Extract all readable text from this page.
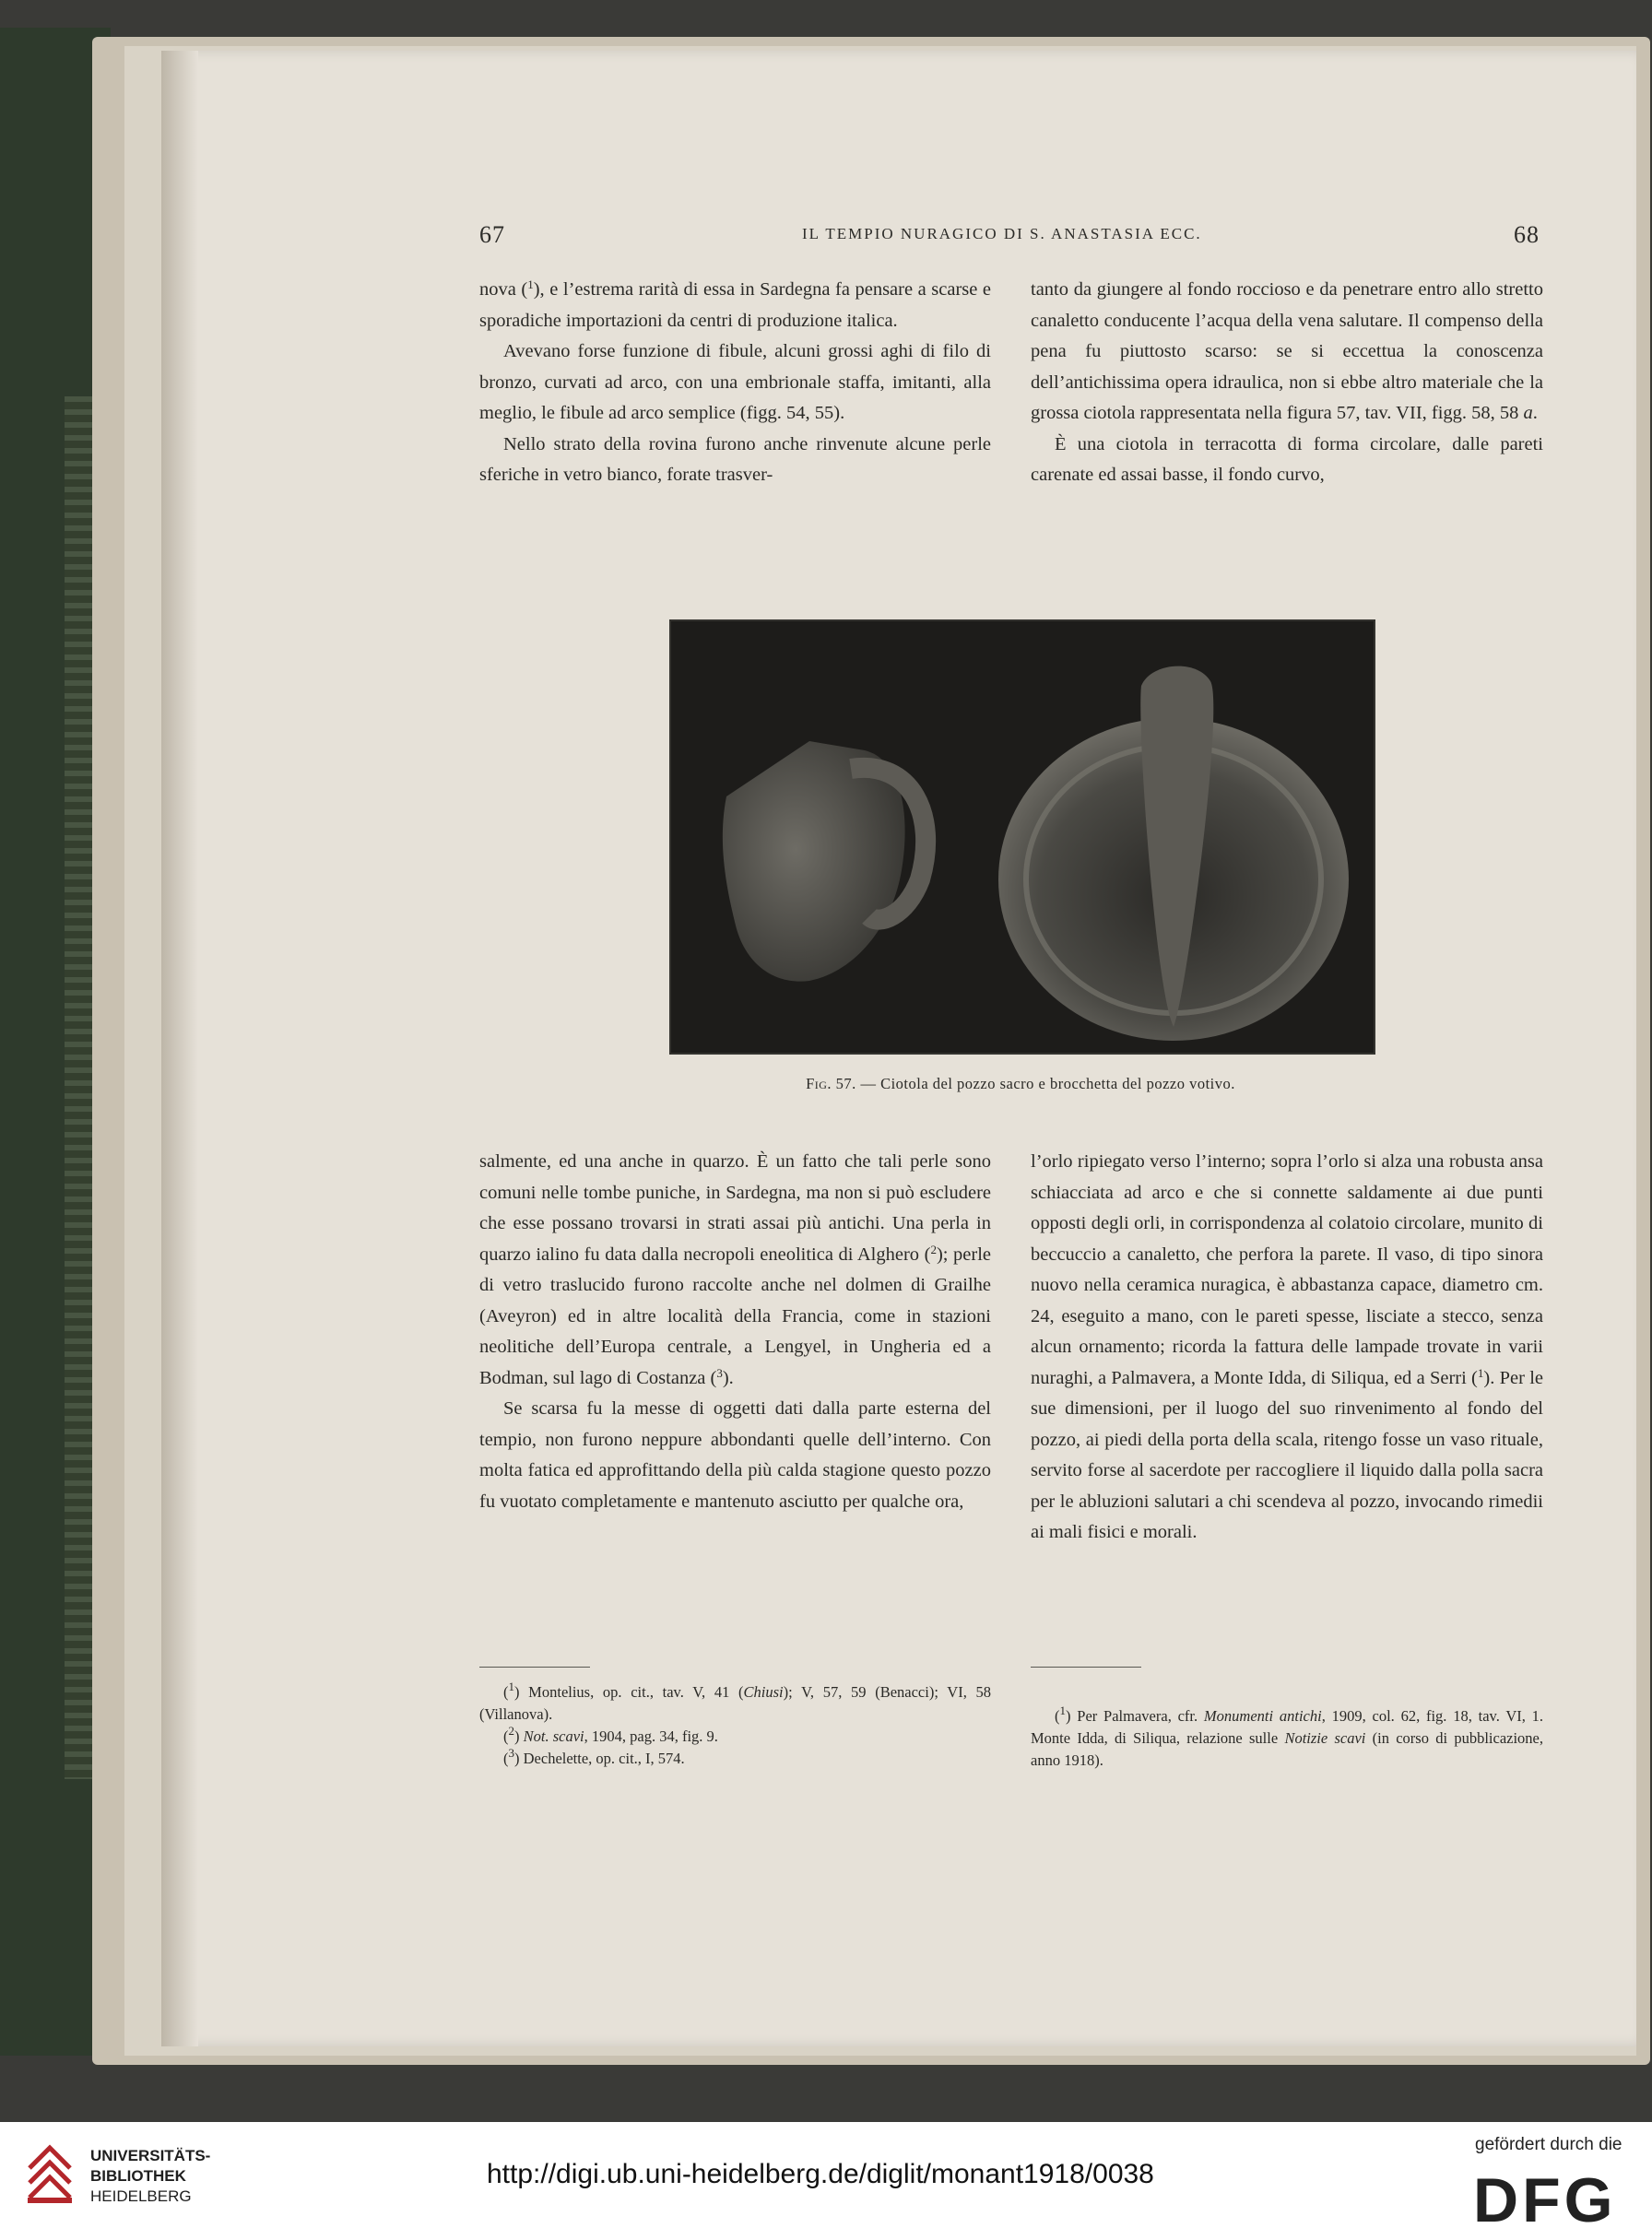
67	IL TEMPIO NURAGICO DI S. ANASTASIA ECC.	68

nova ($^1$), e l’estrema rarità di essa in Sardegna fa pensare a scarse e sporadiche importazioni da centri di produzione italica.

Avevano forse funzione di fibule, alcuni grossi aghi di filo di bronzo, curvati ad arco, con una embrionale staffa, imitanti, alla meglio, le fibule ad arco semplice (figg. 54, 55).

Nello strato della rovina furono anche rinvenute alcune perle sferiche in vetro bianco, forate trasver-

tanto da giungere al fondo roccioso e da penetrare entro allo stretto canaletto conducente l’acqua della vena salutare. Il compenso della pena fu piuttosto scarso: se si eccettua la conoscenza dell’antichissima opera idraulica, non si ebbe altro materiale che la grossa ciotola rappresentata nella figura 57, tav. VII, figg. 58, 58 a.

È una ciotola in terracotta di forma circolare, dalle pareti carenate ed assai basse, il fondo curvo,

Fig. 57. — Ciotola del pozzo sacro e brocchetta del pozzo votivo.

salmente, ed una anche in quarzo. È un fatto che tali perle sono comuni nelle tombe puniche, in Sardegna, ma non si può escludere che esse possano trovarsi in strati assai più antichi. Una perla in quarzo ialino fu data dalla necropoli eneolitica di Alghero ($^2$); perle di vetro traslucido furono raccolte anche nel dolmen di Grailhe (Aveyron) ed in altre località della Francia, come in stazioni neolitiche dell’Europa centrale, a Lengyel, in Ungheria ed a Bodman, sul lago di Costanza ($^3$).

Se scarsa fu la messe di oggetti dati dalla parte esterna del tempio, non furono neppure abbondanti quelle dell’interno. Con molta fatica ed approfittando della più calda stagione questo pozzo fu vuotato completamente e mantenuto asciutto per qualche ora,

l’orlo ripiegato verso l’interno; sopra l’orlo si alza una robusta ansa schiacciata ad arco e che si connette saldamente ai due punti opposti degli orli, in corrispondenza al colatoio circolare, munito di beccuccio a canaletto, che perfora la parete. Il vaso, di tipo sinora nuovo nella ceramica nuragica, è abbastanza capace, diametro cm. 24, eseguito a mano, con le pareti spesse, lisciate a stecco, senza alcun ornamento; ricorda la fattura delle lampade trovate in varii nuraghi, a Palmavera, a Monte Idda, di Siliqua, ed a Serri ($^1$). Per le sue dimensioni, per il luogo del suo rinvenimento al fondo del pozzo, ai piedi della porta della scala, ritengo fosse un vaso rituale, servito forse al sacerdote per raccogliere il liquido dalla polla sacra per le abluzioni salutari a chi scendeva al pozzo, invocando rimedii ai mali fisici e morali.

($^1$) Montelius, op. cit., tav. V, 41 (Chiusi); V, 57, 59 (Benacci); VI, 58 (Villanova).

($^2$) Not. scavi, 1904, pag. 34, fig. 9.

($^3$) Dechelette, op. cit., I, 574.

($^1$) Per Palmavera, cfr. Monumenti antichi, 1909, col. 62, fig. 18, tav. VI, 1. Monte Idda, di Siliqua, relazione sulle Notizie scavi (in corso di pubblicazione, anno 1918).

UNIVERSITÄTS-
BIBLIOTHEK
HEIDELBERG
http://digi.ub.uni-heidelberg.de/diglit/monant1918/0038
gefördert durch die
DFG
